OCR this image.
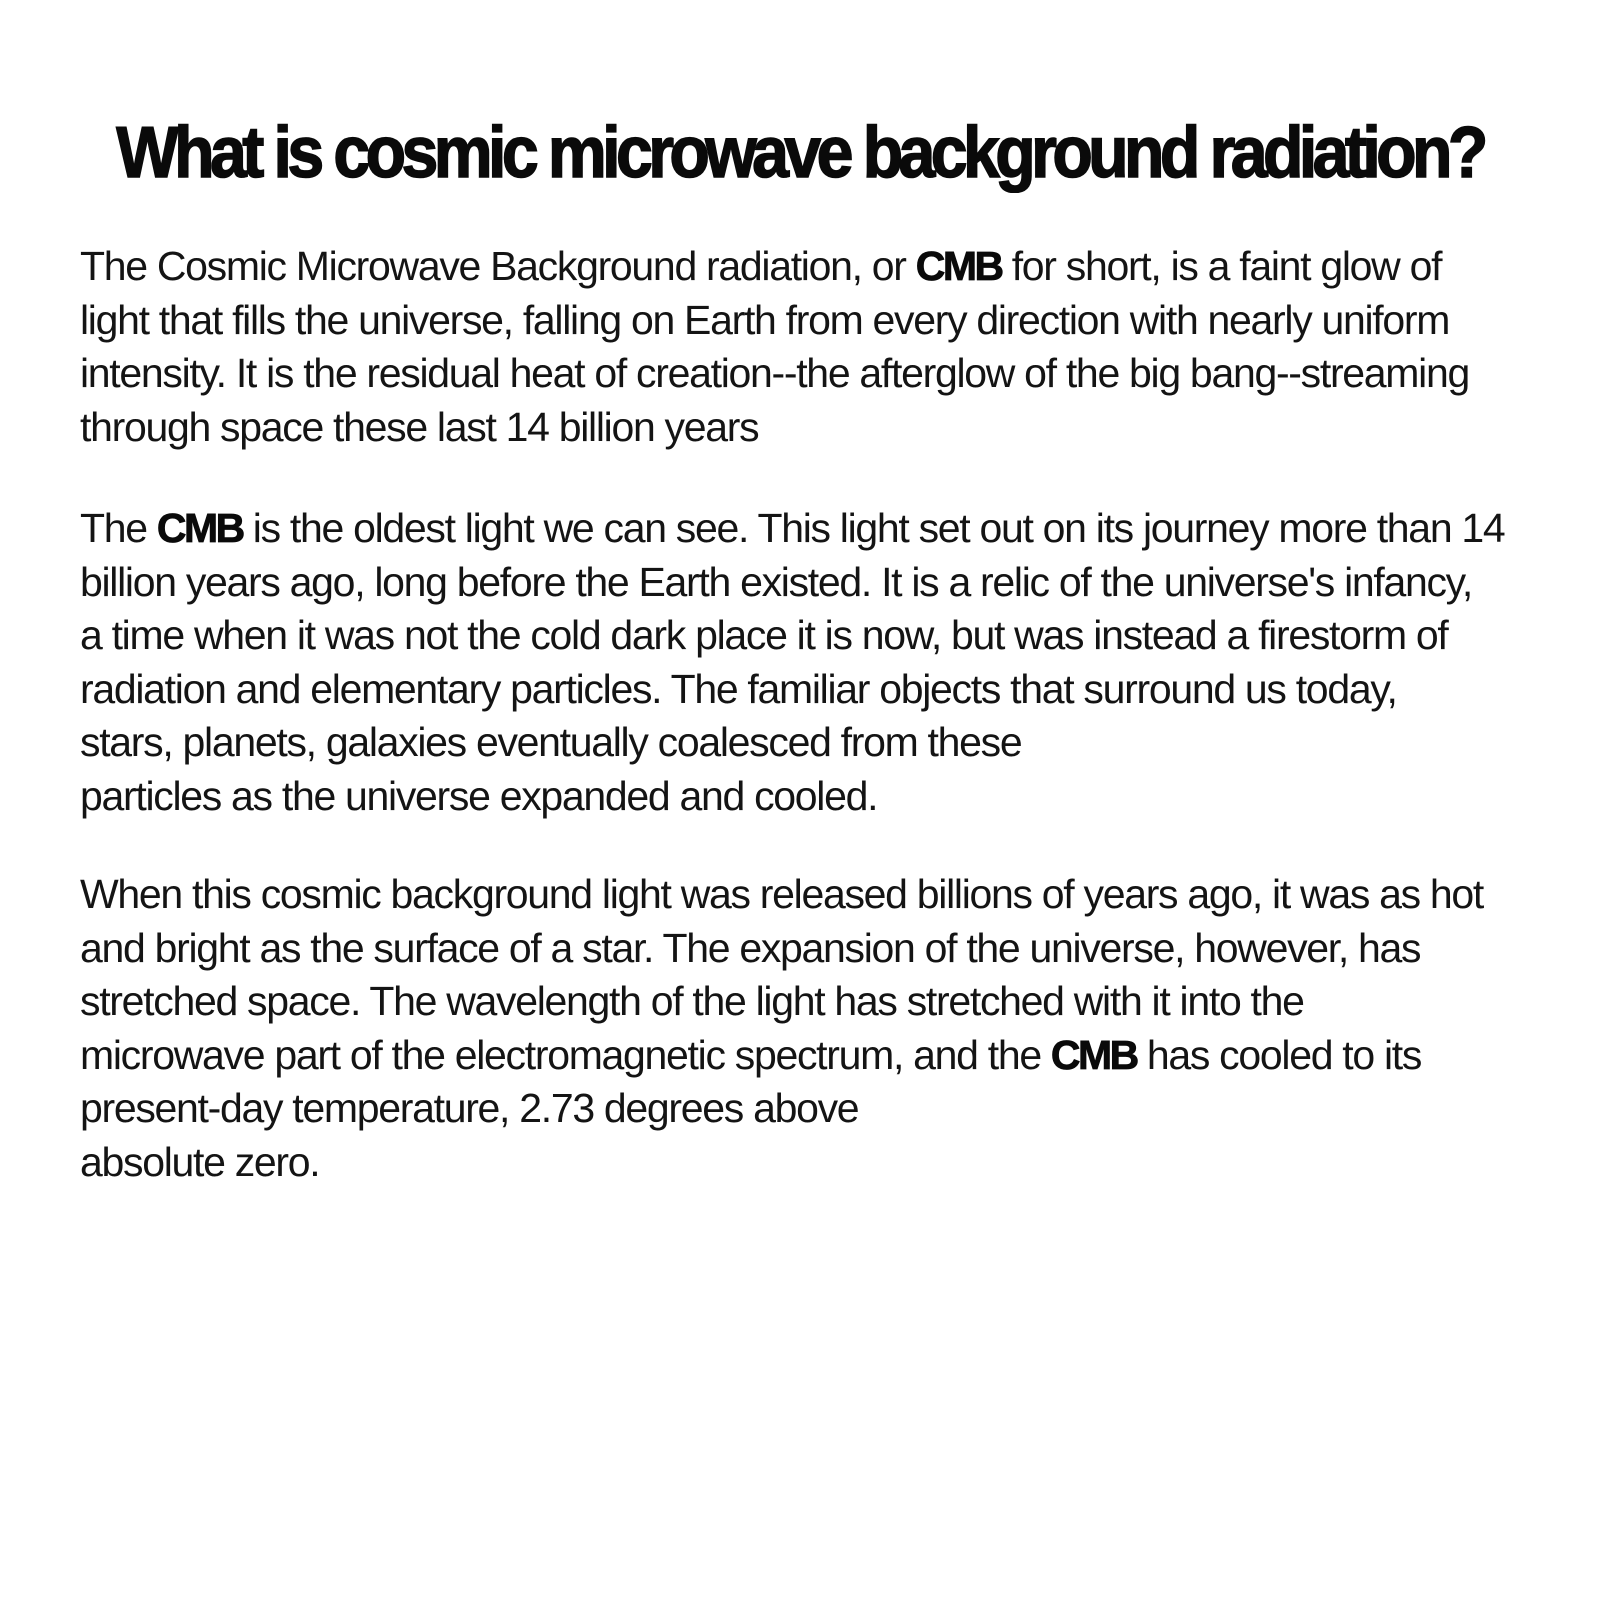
What is cosmic microwave background radiation?
The Cosmic Microwave Background radiation, or CMB for short, is a faint glow of
light that fills the universe, falling on Earth from every direction with nearly uniform
intensity. It is the residual heat of creation--the afterglow of the big bang--streaming
through space these last 14 billion years
The CMB is the oldest light we can see. This light set out on its journey more than 14
billion years ago, long before the Earth existed. It is a relic of the universe's infancy,
a time when it was not the cold dark place it is now, but was instead a firestorm of
radiation and elementary particles. The familiar objects that surround us today,
stars, planets, galaxies eventually coalesced from these
particles as the universe expanded and cooled.
When this cosmic background light was released billions of years ago, it was as hot
and bright as the surface of a star. The expansion of the universe, however, has
stretched space. The wavelength of the light has stretched with it into the
microwave part of the electromagnetic spectrum, and the CMB has cooled to its
present-day temperature, 2.73 degrees above
absolute zero.
